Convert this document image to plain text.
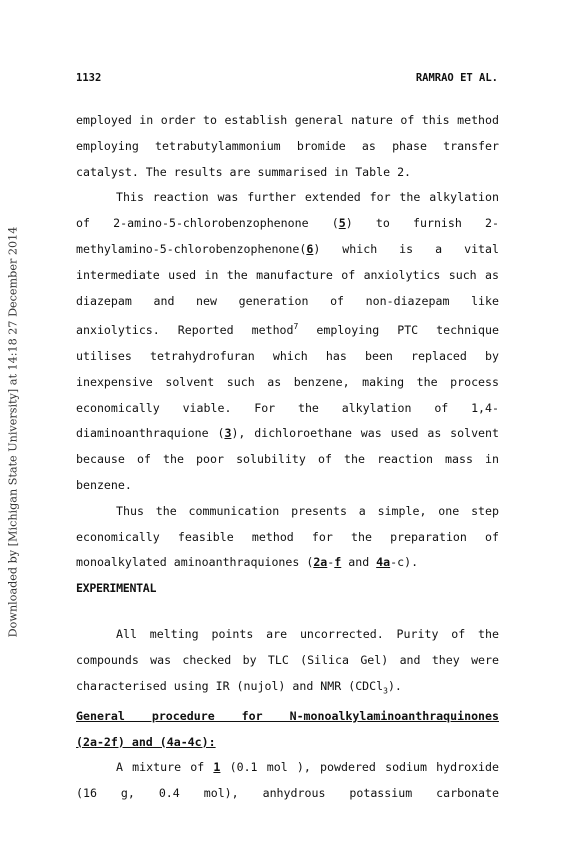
Downloaded by [Michigan State University] at 14:18 27 December 2014
1132	RAMRAO ET AL.
employed in order to establish general nature of this method employing tetrabutylammonium bromide as phase transfer catalyst. The results are summarised in Table 2.
This reaction was further extended for the alkylation of 2-amino-5-chlorobenzophenone (5) to furnish 2-methylamino-5-chlorobenzophenone(6) which is a vital intermediate used in the manufacture of anxiolytics such as diazepam and new generation of non-diazepam like anxiolytics. Reported method$^7$ employing PTC technique utilises tetrahydrofuran which has been replaced by inexpensive solvent such as benzene, making the process economically viable. For the alkylation of 1,4-diaminoanthraquione (3), dichloroethane was used as solvent because of the poor solubility of the reaction mass in benzene.
Thus the communication presents a simple, one step economically feasible method for the preparation of monoalkylated aminoanthraquiones (2a-f and 4a-c).
EXPERIMENTAL
All melting points are uncorrected. Purity of the compounds was checked by TLC (Silica Gel) and they were characterised using IR (nujol) and NMR (CDCl$_3$).
General procedure for N-monoalkylaminoanthraquinones
(2a-2f) and (4a-4c):
A mixture of 1 (0.1 mol ), powdered sodium hydroxide (16 g, 0.4 mol), anhydrous potassium carbonate
